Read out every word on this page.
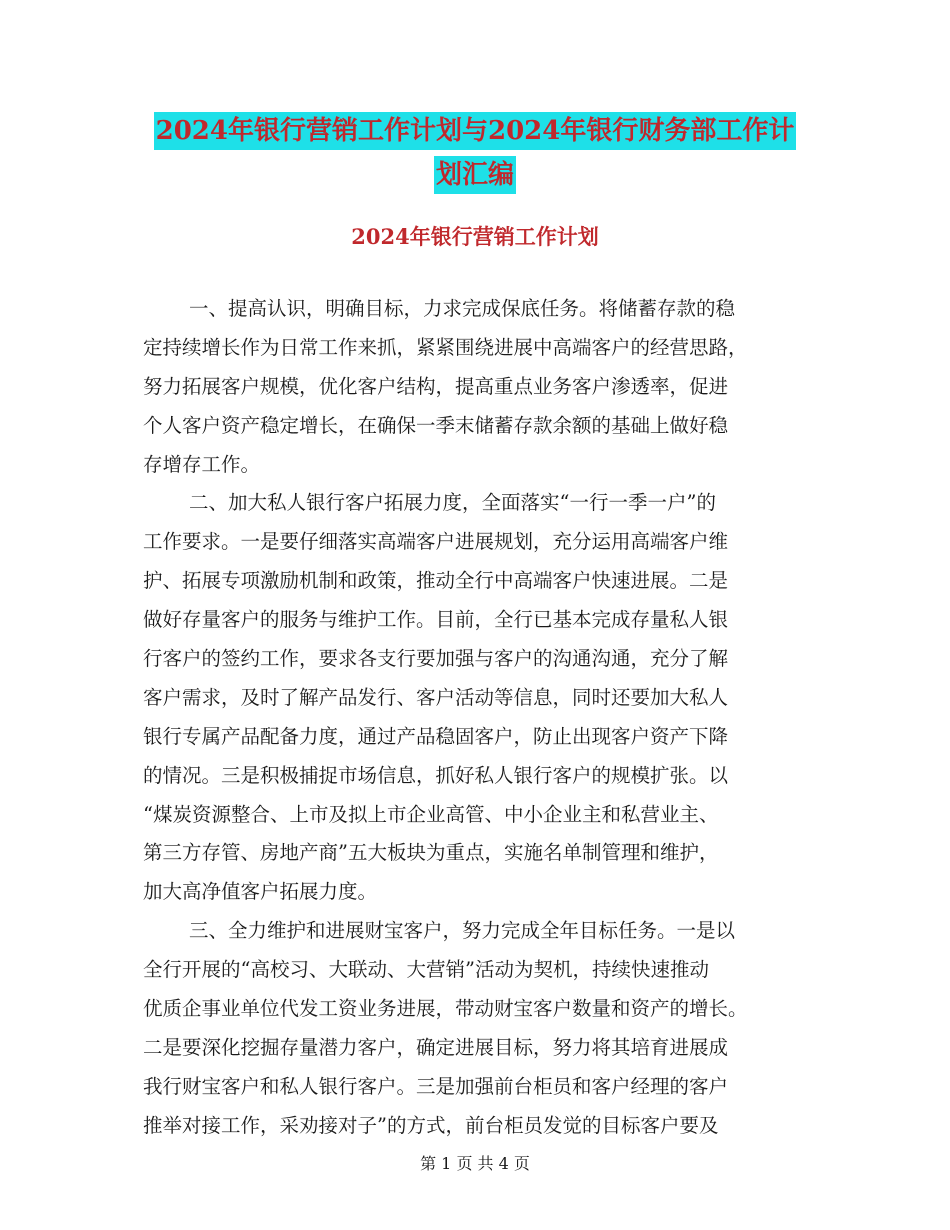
2024年银行营销工作计划与2024年银行财务部工作计
划汇编
2024年银行营销工作计划
一、提高认识，明确目标，力求完成保底任务。将储蓄存款的稳
定持续增长作为日常工作来抓，紧紧围绕进展中高端客户的经营思路，
努力拓展客户规模，优化客户结构，提高重点业务客户渗透率，促进
个人客户资产稳定增长，在确保一季末储蓄存款余额的基础上做好稳
存增存工作。
二、加大私人银行客户拓展力度，全面落实“一行一季一户”的
工作要求。一是要仔细落实高端客户进展规划，充分运用高端客户维
护、拓展专项激励机制和政策，推动全行中高端客户快速进展。二是
做好存量客户的服务与维护工作。目前，全行已基本完成存量私人银
行客户的签约工作，要求各支行要加强与客户的沟通沟通，充分了解
客户需求，及时了解产品发行、客户活动等信息，同时还要加大私人
银行专属产品配备力度，通过产品稳固客户，防止出现客户资产下降
的情况。三是积极捕捉市场信息，抓好私人银行客户的规模扩张。以
“煤炭资源整合、上市及拟上市企业高管、中小企业主和私营业主、
第三方存管、房地产商”五大板块为重点，实施名单制管理和维护，
加大高净值客户拓展力度。
三、全力维护和进展财宝客户，努力完成全年目标任务。一是以
全行开展的“高校习、大联动、大营销”活动为契机，持续快速推动
优质企事业单位代发工资业务进展，带动财宝客户数量和资产的增长。
二是要深化挖掘存量潜力客户，确定进展目标，努力将其培育进展成
我行财宝客户和私人银行客户。三是加强前台柜员和客户经理的客户
推举对接工作，采劝接对子”的方式，前台柜员发觉的目标客户要及
第 1 页 共 4 页
